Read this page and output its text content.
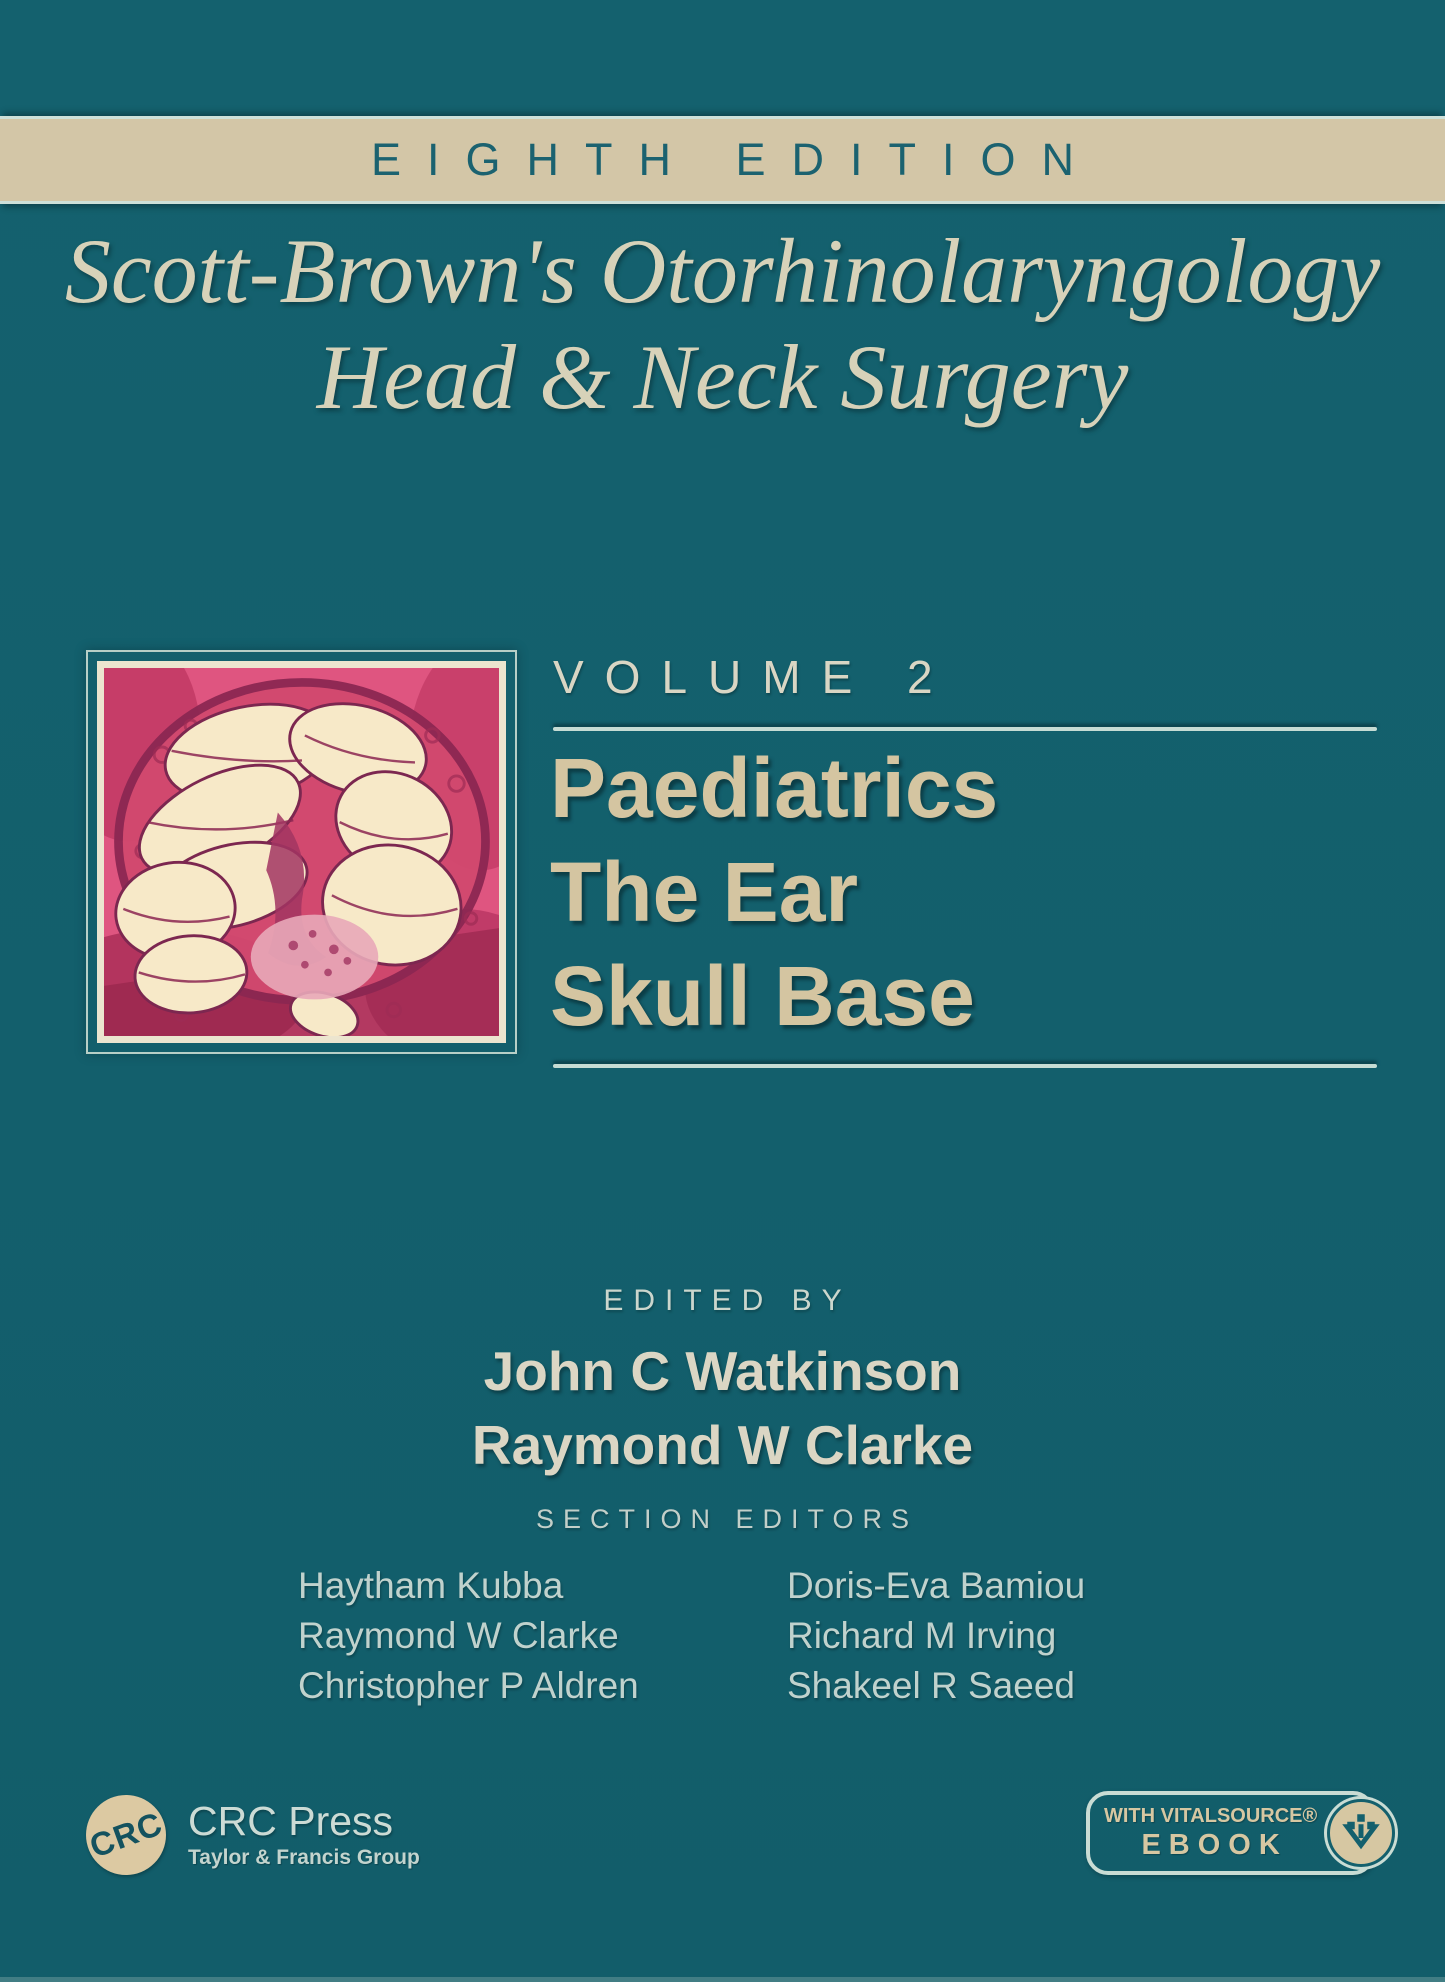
EIGHTH EDITION
Scott-Brown's Otorhinolaryngology
Head & Neck Surgery
VOLUME 2
Paediatrics
The Ear
Skull Base
EDITED BY
John C Watkinson
Raymond W Clarke
SECTION EDITORS
Haytham Kubba
Raymond W Clarke
Christopher P Aldren
Doris-Eva Bamiou
Richard M Irving
Shakeel R Saeed
CRC CRC Press
Taylor & Francis Group
WITH VITALSOURCE®
EBOOK
